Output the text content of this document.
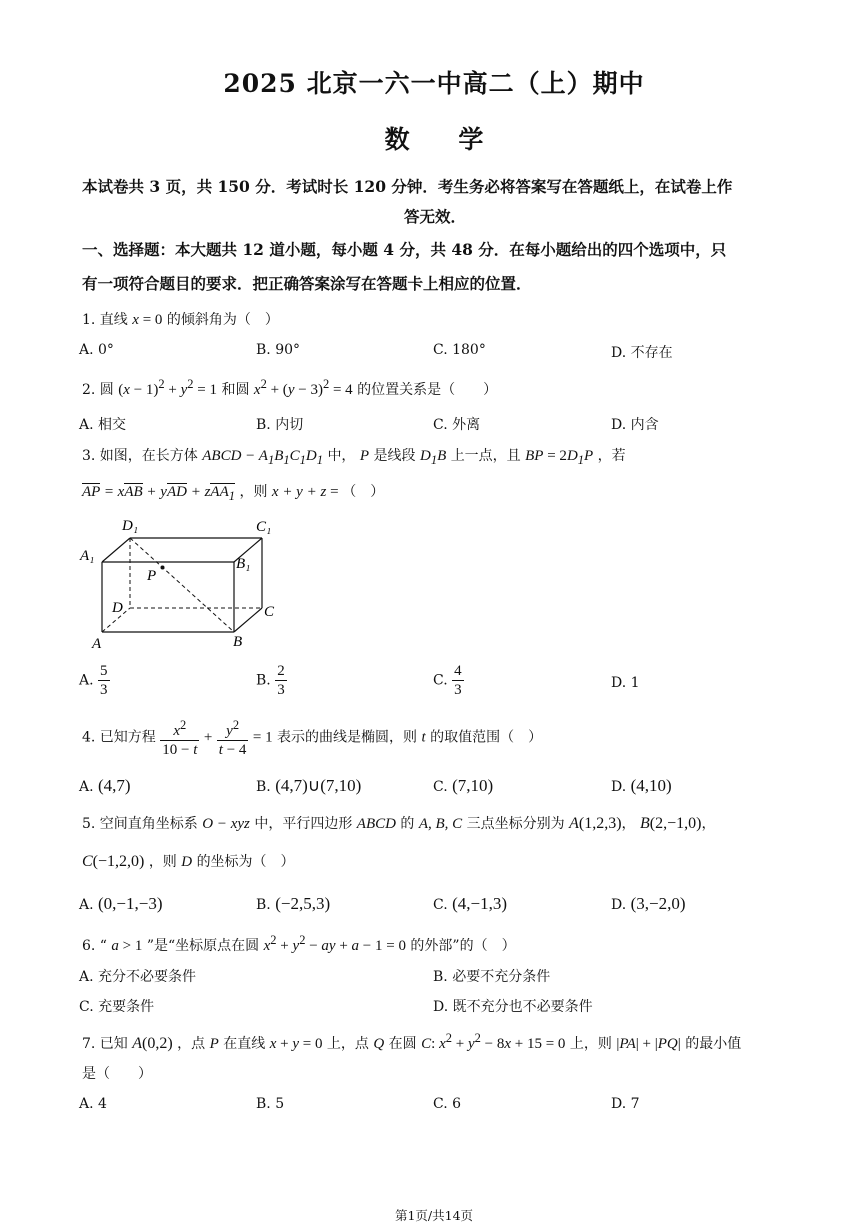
2025 北京一六一中高二（上）期中
数 学
本试卷共 3 页，共 150 分．考试时长 120 分钟．考生务必将答案写在答题纸上，在试卷上作
答无效．
一、选择题：本大题共 12 道小题，每小题 4 分，共 48 分．在每小题给出的四个选项中，只
有一项符合题目的要求．把正确答案涂写在答题卡上相应的位置．
1. 直线 x = 0 的倾斜角为（　）
A. 0°	B. 90°	C. 180°	D. 不存在
2. 圆 $(x - 1)^2 + y^2 = 1$ 和圆 $x^2 + (y - 3)^2 = 4$ 的位置关系是（　　）
A. 相交	B. 内切	C. 外离	D. 内含
3. 如图，在长方体 ABCD − $A_1B_1C_1D_1$ 中， P 是线段 $D_1B$ 上一点，且 BP = $2D_1P$ ，若
AP = xAB + yAD + zAA$_1$ ，则 x + y + z = （　）
D₁	C₁
A₁	B₁
P
D	C
A	B
A. $\frac{5}{3}$	B. $\frac{2}{3}$	C. $\frac{4}{3}$	D. 1
4. 已知方程 $\frac{x^2}{10 - t} + \frac{y^2}{t - 4} = 1$ 表示的曲线是椭圆，则 t 的取值范围（　）
A. (4,7)	B. (4,7)∪(7,10)	C. (7,10)	D. (4,10)
5. 空间直角坐标系 O − xyz 中，平行四边形 ABCD 的 A, B, C 三点坐标分别为 A(1,2,3)， B(2,−1,0)，
C(−1,2,0) ，则 D 的坐标为（　）
A. (0,−1,−3)	B. (−2,5,3)	C. (4,−1,3)	D. (3,−2,0)
6. “ a > 1 ”是“坐标原点在圆 $x^2 + y^2$ − ay + a − 1 = 0 的外部”的（　）
A. 充分不必要条件	B. 必要不充分条件
C. 充要条件	D. 既不充分也不必要条件
7. 已知 A(0,2) ，点 P 在直线 x + y = 0 上，点 Q 在圆 C: $x^2 + y^2 - 8x + 15 = 0$ 上，则 |PA| + |PQ| 的最小值
是（　　）
A. 4	B. 5	C. 6	D. 7
第1页/共14页
